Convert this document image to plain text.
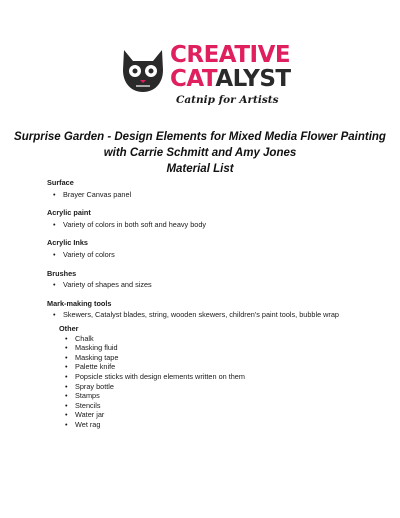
CREATIVE
CATALYST
Catnip for Artists
Surprise Garden - Design Elements for Mixed Media Flower Painting
with Carrie Schmitt and Amy Jones
Material List
Surface
• Brayer Canvas panel
Acrylic paint
• Variety of colors in both soft and heavy body
Acrylic Inks
• Variety of colors
Brushes
• Variety of shapes and sizes
Mark-making tools
• Skewers, Catalyst blades, string, wooden skewers, children's paint tools, bubble wrap
Other
• Chalk
• Masking fluid
• Masking tape
• Palette knife
• Popsicle sticks with design elements written on them
• Spray bottle
• Stamps
• Stencils
• Water jar
• Wet rag
